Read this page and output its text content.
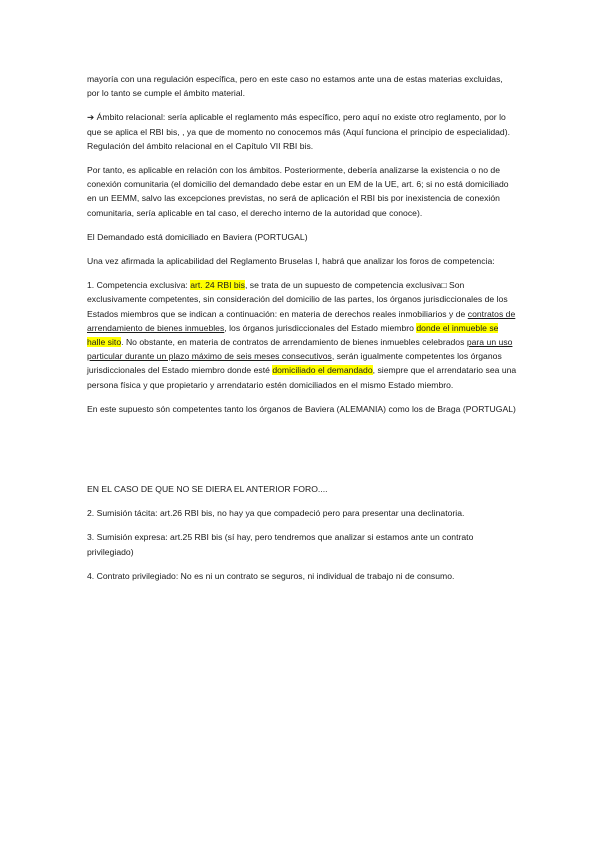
mayoría con una regulación específica, pero en este caso no estamos ante una de estas materias excluidas, por lo tanto se cumple el ámbito material.

➔ Ámbito relacional: sería aplicable el reglamento más específico, pero aquí no existe otro reglamento, por lo que se aplica el RBI bis, , ya que de momento no conocemos más (Aquí funciona el principio de especialidad). Regulación del ámbito relacional en el Capítulo VII RBI bis.

Por tanto, es aplicable en relación con los ámbitos. Posteriormente, debería analizarse la existencia o no de conexión comunitaria (el domicilio del demandado debe estar en un EM de la UE, art. 6; si no está domiciliado en un EEMM, salvo las excepciones previstas, no será de aplicación el RBI bis por inexistencia de conexión comunitaria, sería aplicable en tal caso, el derecho interno de la autoridad que conoce).

El Demandado está domiciliado en Baviera (PORTUGAL)

Una vez afirmada la aplicabilidad del Reglamento Bruselas I, habrá que analizar los foros de competencia:

1. Competencia exclusiva: art. 24 RBI bis, se trata de un supuesto de competencia exclusiva□ Son exclusivamente competentes, sin consideración del domicilio de las partes, los órganos jurisdiccionales de los Estados miembros que se indican a continuación: en materia de derechos reales inmobiliarios y de contratos de arrendamiento de bienes inmuebles, los órganos jurisdiccionales del Estado miembro donde el inmueble se halle sito. No obstante, en materia de contratos de arrendamiento de bienes inmuebles celebrados para un uso particular durante un plazo máximo de seis meses consecutivos, serán igualmente competentes los órganos jurisdiccionales del Estado miembro donde esté domiciliado el demandado, siempre que el arrendatario sea una persona física y que propietario y arrendatario estén domiciliados en el mismo Estado miembro.

En este supuesto són competentes tanto los órganos de Baviera (ALEMANIA) como los de Braga (PORTUGAL)

EN EL CASO DE QUE NO SE DIERA EL ANTERIOR FORO....

2. Sumisión tácita: art.26 RBI bis, no hay ya que compadeció pero para presentar una declinatoria.

3. Sumisión expresa: art.25 RBI bis (sí hay, pero tendremos que analizar si estamos ante un contrato privilegiado)

4. Contrato privilegiado: No es ni un contrato se seguros, ni individual de trabajo ni de consumo.
